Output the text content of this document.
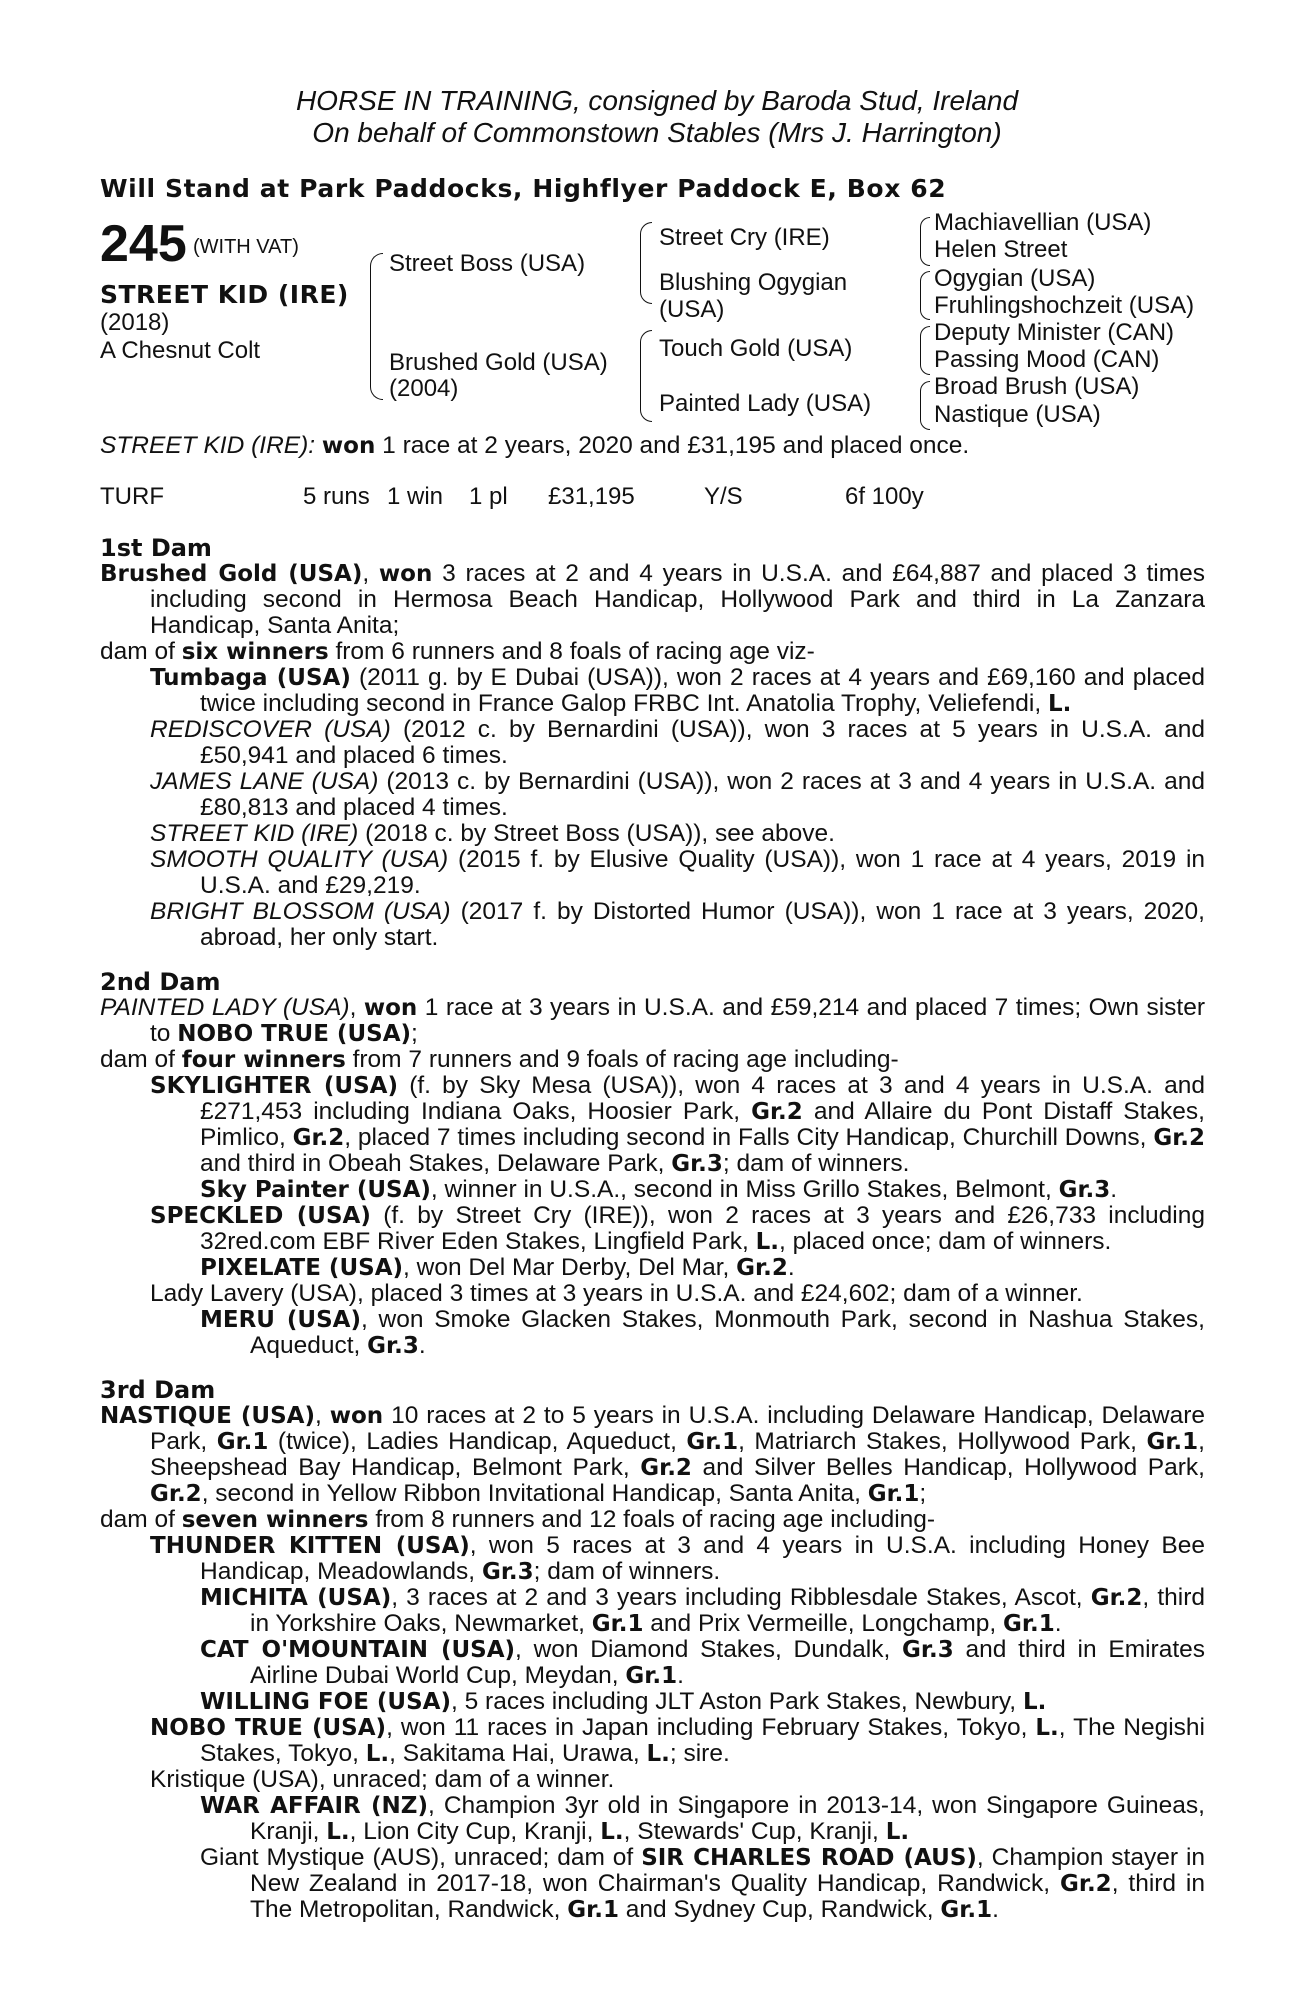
HORSE IN TRAINING, consigned by Baroda Stud, Ireland
On behalf of Commonstown Stables (Mrs J. Harrington)
Will Stand at Park Paddocks, Highflyer Paddock E, Box 62
245 (WITH VAT)
STREET KID (IRE)
(2018)
A Chesnut Colt
Street Boss (USA)
Brushed Gold (USA)
(2004)
Street Cry (IRE)
Blushing Ogygian
(USA)
Touch Gold (USA)
Painted Lady (USA)
Machiavellian (USA)
Helen Street
Ogygian (USA)
Fruhlingshochzeit (USA)
Deputy Minister (CAN)
Passing Mood (CAN)
Broad Brush (USA)
Nastique (USA)
STREET KID (IRE): won 1 race at 2 years, 2020 and £31,195 and placed once.
TURF	5 runs 1 win 1 pl £31,195	Y/S	6f 100y
1st Dam

Brushed Gold (USA), won 3 races at 2 and 4 years in U.S.A. and £64,887 and placed 3 times including second in Hermosa Beach Handicap, Hollywood Park and third in La Zanzara Handicap, Santa Anita;

dam of six winners from 6 runners and 8 foals of racing age viz-

Tumbaga (USA) (2011 g. by E Dubai (USA)), won 2 races at 4 years and £69,160 and placed twice including second in France Galop FRBC Int. Anatolia Trophy, Veliefendi, L.

REDISCOVER (USA) (2012 c. by Bernardini (USA)), won 3 races at 5 years in U.S.A. and £50,941 and placed 6 times.

JAMES LANE (USA) (2013 c. by Bernardini (USA)), won 2 races at 3 and 4 years in U.S.A. and £80,813 and placed 4 times.

STREET KID (IRE) (2018 c. by Street Boss (USA)), see above.

SMOOTH QUALITY (USA) (2015 f. by Elusive Quality (USA)), won 1 race at 4 years, 2019 in U.S.A. and £29,219.

BRIGHT BLOSSOM (USA) (2017 f. by Distorted Humor (USA)), won 1 race at 3 years, 2020, abroad, her only start.

2nd Dam

PAINTED LADY (USA), won 1 race at 3 years in U.S.A. and £59,214 and placed 7 times; Own sister to NOBO TRUE (USA);

dam of four winners from 7 runners and 9 foals of racing age including-

SKYLIGHTER (USA) (f. by Sky Mesa (USA)), won 4 races at 3 and 4 years in U.S.A. and £271,453 including Indiana Oaks, Hoosier Park, Gr.2 and Allaire du Pont Distaff Stakes, Pimlico, Gr.2, placed 7 times including second in Falls City Handicap, Churchill Downs, Gr.2 and third in Obeah Stakes, Delaware Park, Gr.3; dam of winners.

Sky Painter (USA), winner in U.S.A., second in Miss Grillo Stakes, Belmont, Gr.3.

SPECKLED (USA) (f. by Street Cry (IRE)), won 2 races at 3 years and £26,733 including 32red.com EBF River Eden Stakes, Lingfield Park, L., placed once; dam of winners.

PIXELATE (USA), won Del Mar Derby, Del Mar, Gr.2.

Lady Lavery (USA), placed 3 times at 3 years in U.S.A. and £24,602; dam of a winner.

MERU (USA), won Smoke Glacken Stakes, Monmouth Park, second in Nashua Stakes, Aqueduct, Gr.3.

3rd Dam

NASTIQUE (USA), won 10 races at 2 to 5 years in U.S.A. including Delaware Handicap, Delaware Park, Gr.1 (twice), Ladies Handicap, Aqueduct, Gr.1, Matriarch Stakes, Hollywood Park, Gr.1, Sheepshead Bay Handicap, Belmont Park, Gr.2 and Silver Belles Handicap, Hollywood Park, Gr.2, second in Yellow Ribbon Invitational Handicap, Santa Anita, Gr.1;

dam of seven winners from 8 runners and 12 foals of racing age including-

THUNDER KITTEN (USA), won 5 races at 3 and 4 years in U.S.A. including Honey Bee Handicap, Meadowlands, Gr.3; dam of winners.

MICHITA (USA), 3 races at 2 and 3 years including Ribblesdale Stakes, Ascot, Gr.2, third in Yorkshire Oaks, Newmarket, Gr.1 and Prix Vermeille, Longchamp, Gr.1.

CAT O'MOUNTAIN (USA), won Diamond Stakes, Dundalk, Gr.3 and third in Emirates Airline Dubai World Cup, Meydan, Gr.1.

WILLING FOE (USA), 5 races including JLT Aston Park Stakes, Newbury, L.

NOBO TRUE (USA), won 11 races in Japan including February Stakes, Tokyo, L., The Negishi Stakes, Tokyo, L., Sakitama Hai, Urawa, L.; sire.

Kristique (USA), unraced; dam of a winner.

WAR AFFAIR (NZ), Champion 3yr old in Singapore in 2013-14, won Singapore Guineas, Kranji, L., Lion City Cup, Kranji, L., Stewards' Cup, Kranji, L.

Giant Mystique (AUS), unraced; dam of SIR CHARLES ROAD (AUS), Champion stayer in New Zealand in 2017-18, won Chairman's Quality Handicap, Randwick, Gr.2, third in The Metropolitan, Randwick, Gr.1 and Sydney Cup, Randwick, Gr.1.
